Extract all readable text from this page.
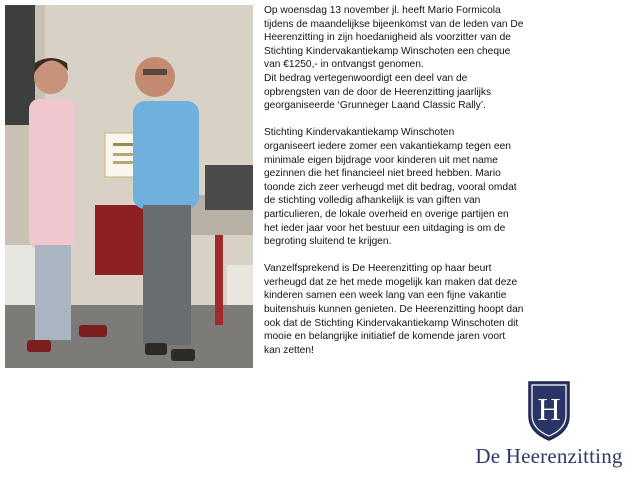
Op woensdag 13 november jl. heeft Mario Formicola
tijdens de maandelijkse bijeenkomst van de leden van De
Heerenzitting in zijn hoedanigheid als voorzitter van de
Stichting Kindervakantiekamp Winschoten een cheque
van €1250,- in ontvangst genomen.
Dit bedrag vertegenwoordigt een deel van de
opbrengsten van de door de Heerenzitting jaarlijks
georganiseerde ‘Grunneger Laand Classic Rally’.

Stichting Kindervakantiekamp Winschoten
organiseert iedere zomer een vakantiekamp tegen een
minimale eigen bijdrage voor kinderen uit met name
gezinnen die het financieel niet breed hebben. Mario
toonde zich zeer verheugd met dit bedrag, vooral omdat
de stichting volledig afhankelijk is van giften van
particulieren, de lokale overheid en overige partijen en
het ieder jaar voor het bestuur een uitdaging is om de
begroting sluitend te krijgen.

Vanzelfsprekend is De Heerenzitting op haar beurt
verheugd dat ze het mede mogelijk kan maken dat deze
kinderen samen een week lang van een fijne vakantie
buitenshuis kunnen genieten. De Heerenzitting hoopt dan
ook dat de Stichting Kindervakantiekamp Winschoten dit
mooie en belangrijke initiatief de komende jaren voort
kan zetten!

H
De Heerenzitting
